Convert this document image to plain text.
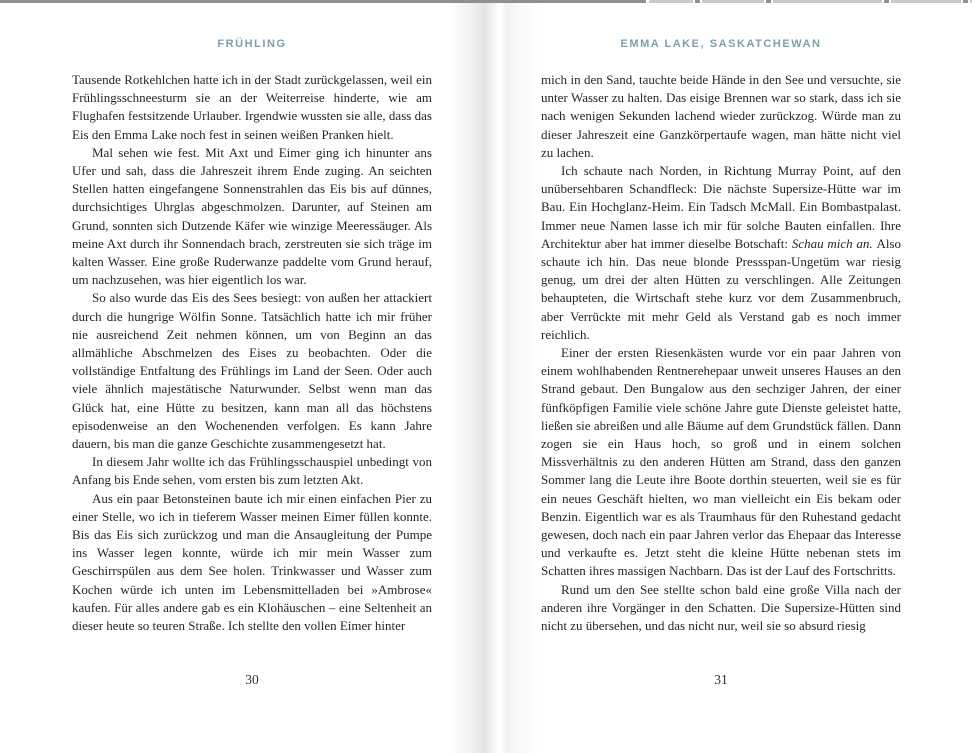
FRÜHLING

Tausende Rotkehlchen hatte ich in der Stadt zurückgelassen, weil ein Frühlingsschneesturm sie an der Weiterreise hinderte, wie am Flughafen festsitzende Urlauber. Irgendwie wussten sie alle, dass das Eis den Emma Lake noch fest in seinen weißen Pranken hielt.

Mal sehen wie fest. Mit Axt und Eimer ging ich hinunter ans Ufer und sah, dass die Jahreszeit ihrem Ende zuging. An seichten Stellen hatten eingefangene Sonnenstrahlen das Eis bis auf dünnes, durchsichtiges Uhrglas abgeschmolzen. Darunter, auf Steinen am Grund, sonnten sich Dutzende Käfer wie winzige Meeressäuger. Als meine Axt durch ihr Sonnendach brach, zerstreuten sie sich träge im kalten Wasser. Eine große Ruderwanze paddelte vom Grund herauf, um nachzusehen, was hier eigentlich los war.

So also wurde das Eis des Sees besiegt: von außen her attackiert durch die hungrige Wölfin Sonne. Tatsächlich hatte ich mir früher nie ausreichend Zeit nehmen können, um von Beginn an das allmähliche Abschmelzen des Eises zu beobachten. Oder die vollständige Entfaltung des Frühlings im Land der Seen. Oder auch viele ähnlich majestätische Naturwunder. Selbst wenn man das Glück hat, eine Hütte zu besitzen, kann man all das höchstens episodenweise an den Wochenenden verfolgen. Es kann Jahre dauern, bis man die ganze Geschichte zusammengesetzt hat.

In diesem Jahr wollte ich das Frühlingsschauspiel unbedingt von Anfang bis Ende sehen, vom ersten bis zum letzten Akt.

Aus ein paar Betonsteinen baute ich mir einen einfachen Pier zu einer Stelle, wo ich in tieferem Wasser meinen Eimer füllen konnte. Bis das Eis sich zurückzog und man die Ansaugleitung der Pumpe ins Wasser legen konnte, würde ich mir mein Wasser zum Geschirrspülen aus dem See holen. Trinkwasser und Wasser zum Kochen würde ich unten im Lebensmittelladen bei »Ambrose« kaufen. Für alles andere gab es ein Klohäuschen – eine Seltenheit an dieser heute so teuren Straße. Ich stellte den vollen Eimer hinter

EMMA LAKE, SASKATCHEWAN

mich in den Sand, tauchte beide Hände in den See und versuchte, sie unter Wasser zu halten. Das eisige Brennen war so stark, dass ich sie nach wenigen Sekunden lachend wieder zurückzog. Würde man zu dieser Jahreszeit eine Ganzkörpertaufe wagen, man hätte nicht viel zu lachen.

Ich schaute nach Norden, in Richtung Murray Point, auf den unübersehbaren Schandfleck: Die nächste Supersize-Hütte war im Bau. Ein Hochglanz-Heim. Ein Tadsch McMall. Ein Bombastpalast. Immer neue Namen lasse ich mir für solche Bauten einfallen. Ihre Architektur aber hat immer dieselbe Botschaft: Schau mich an. Also schaute ich hin. Das neue blonde Pressspan-Ungetüm war riesig genug, um drei der alten Hütten zu verschlingen. Alle Zeitungen behaupteten, die Wirtschaft stehe kurz vor dem Zusammenbruch, aber Verrückte mit mehr Geld als Verstand gab es noch immer reichlich.

Einer der ersten Riesenkästen wurde vor ein paar Jahren von einem wohlhabenden Rentnerehepaar unweit unseres Hauses an den Strand gebaut. Den Bungalow aus den sechziger Jahren, der einer fünfköpfigen Familie viele schöne Jahre gute Dienste geleistet hatte, ließen sie abreißen und alle Bäume auf dem Grundstück fällen. Dann zogen sie ein Haus hoch, so groß und in einem solchen Missverhältnis zu den anderen Hütten am Strand, dass den ganzen Sommer lang die Leute ihre Boote dorthin steuerten, weil sie es für ein neues Geschäft hielten, wo man vielleicht ein Eis bekam oder Benzin. Eigentlich war es als Traumhaus für den Ruhestand gedacht gewesen, doch nach ein paar Jahren verlor das Ehepaar das Interesse und verkaufte es. Jetzt steht die kleine Hütte nebenan stets im Schatten ihres massigen Nachbarn. Das ist der Lauf des Fortschritts.

Rund um den See stellte schon bald eine große Villa nach der anderen ihre Vorgänger in den Schatten. Die Supersize-Hütten sind nicht zu übersehen, und das nicht nur, weil sie so absurd riesig

30	31
